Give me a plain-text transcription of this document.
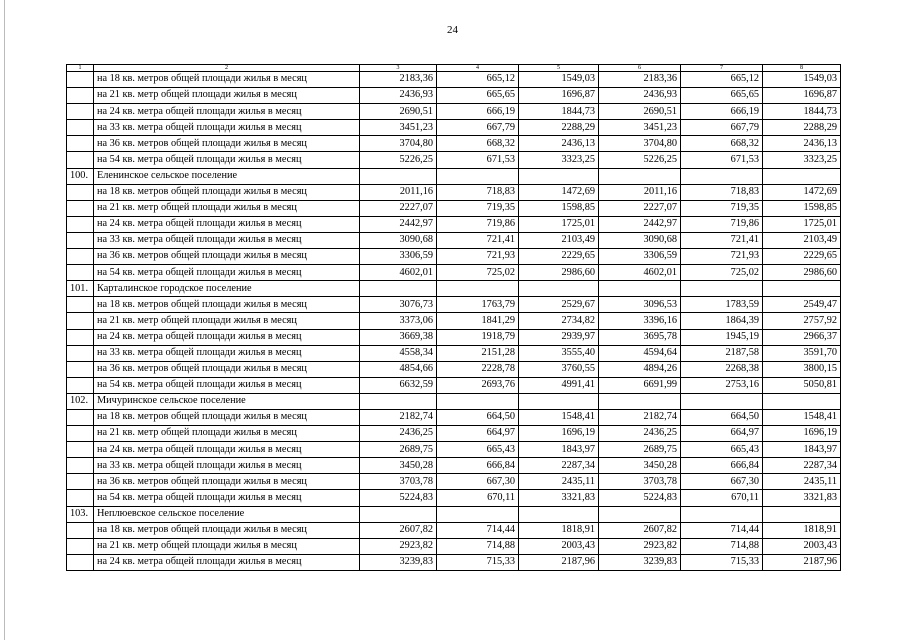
24
1	2	3	4	5	6	7	8
	на 18 кв. метров общей площади жилья в месяц	2183,36	665,12	1549,03	2183,36	665,12	1549,03
	на 21 кв. метр общей площади жилья в месяц	2436,93	665,65	1696,87	2436,93	665,65	1696,87
	на 24 кв. метра общей площади жилья в месяц	2690,51	666,19	1844,73	2690,51	666,19	1844,73
	на 33 кв. метра общей площади жилья в месяц	3451,23	667,79	2288,29	3451,23	667,79	2288,29
	на 36 кв. метров общей площади жилья в месяц	3704,80	668,32	2436,13	3704,80	668,32	2436,13
	на 54 кв. метра общей площади жилья в месяц	5226,25	671,53	3323,25	5226,25	671,53	3323,25
100.	Еленинское сельское поселение						
	на 18 кв. метров общей площади жилья в месяц	2011,16	718,83	1472,69	2011,16	718,83	1472,69
	на 21 кв. метр общей площади жилья в месяц	2227,07	719,35	1598,85	2227,07	719,35	1598,85
	на 24 кв. метра общей площади жилья в месяц	2442,97	719,86	1725,01	2442,97	719,86	1725,01
	на 33 кв. метра общей площади жилья в месяц	3090,68	721,41	2103,49	3090,68	721,41	2103,49
	на 36 кв. метров общей площади жилья в месяц	3306,59	721,93	2229,65	3306,59	721,93	2229,65
	на 54 кв. метра общей площади жилья в месяц	4602,01	725,02	2986,60	4602,01	725,02	2986,60
101.	Карталинское городское поселение						
	на 18 кв. метров общей площади жилья в месяц	3076,73	1763,79	2529,67	3096,53	1783,59	2549,47
	на 21 кв. метр общей площади жилья в месяц	3373,06	1841,29	2734,82	3396,16	1864,39	2757,92
	на 24 кв. метра общей площади жилья в месяц	3669,38	1918,79	2939,97	3695,78	1945,19	2966,37
	на 33 кв. метра общей площади жилья в месяц	4558,34	2151,28	3555,40	4594,64	2187,58	3591,70
	на 36 кв. метров общей площади жилья в месяц	4854,66	2228,78	3760,55	4894,26	2268,38	3800,15
	на 54 кв. метра общей площади жилья в месяц	6632,59	2693,76	4991,41	6691,99	2753,16	5050,81
102.	Мичуринское сельское поселение						
	на 18 кв. метров общей площади жилья в месяц	2182,74	664,50	1548,41	2182,74	664,50	1548,41
	на 21 кв. метр общей площади жилья в месяц	2436,25	664,97	1696,19	2436,25	664,97	1696,19
	на 24 кв. метра общей площади жилья в месяц	2689,75	665,43	1843,97	2689,75	665,43	1843,97
	на 33 кв. метра общей площади жилья в месяц	3450,28	666,84	2287,34	3450,28	666,84	2287,34
	на 36 кв. метров общей площади жилья в месяц	3703,78	667,30	2435,11	3703,78	667,30	2435,11
	на 54 кв. метра общей площади жилья в месяц	5224,83	670,11	3321,83	5224,83	670,11	3321,83
103.	Неплюевское сельское поселение						
	на 18 кв. метров общей площади жилья в месяц	2607,82	714,44	1818,91	2607,82	714,44	1818,91
	на 21 кв. метр общей площади жилья в месяц	2923,82	714,88	2003,43	2923,82	714,88	2003,43
	на 24 кв. метра общей площади жилья в месяц	3239,83	715,33	2187,96	3239,83	715,33	2187,96
